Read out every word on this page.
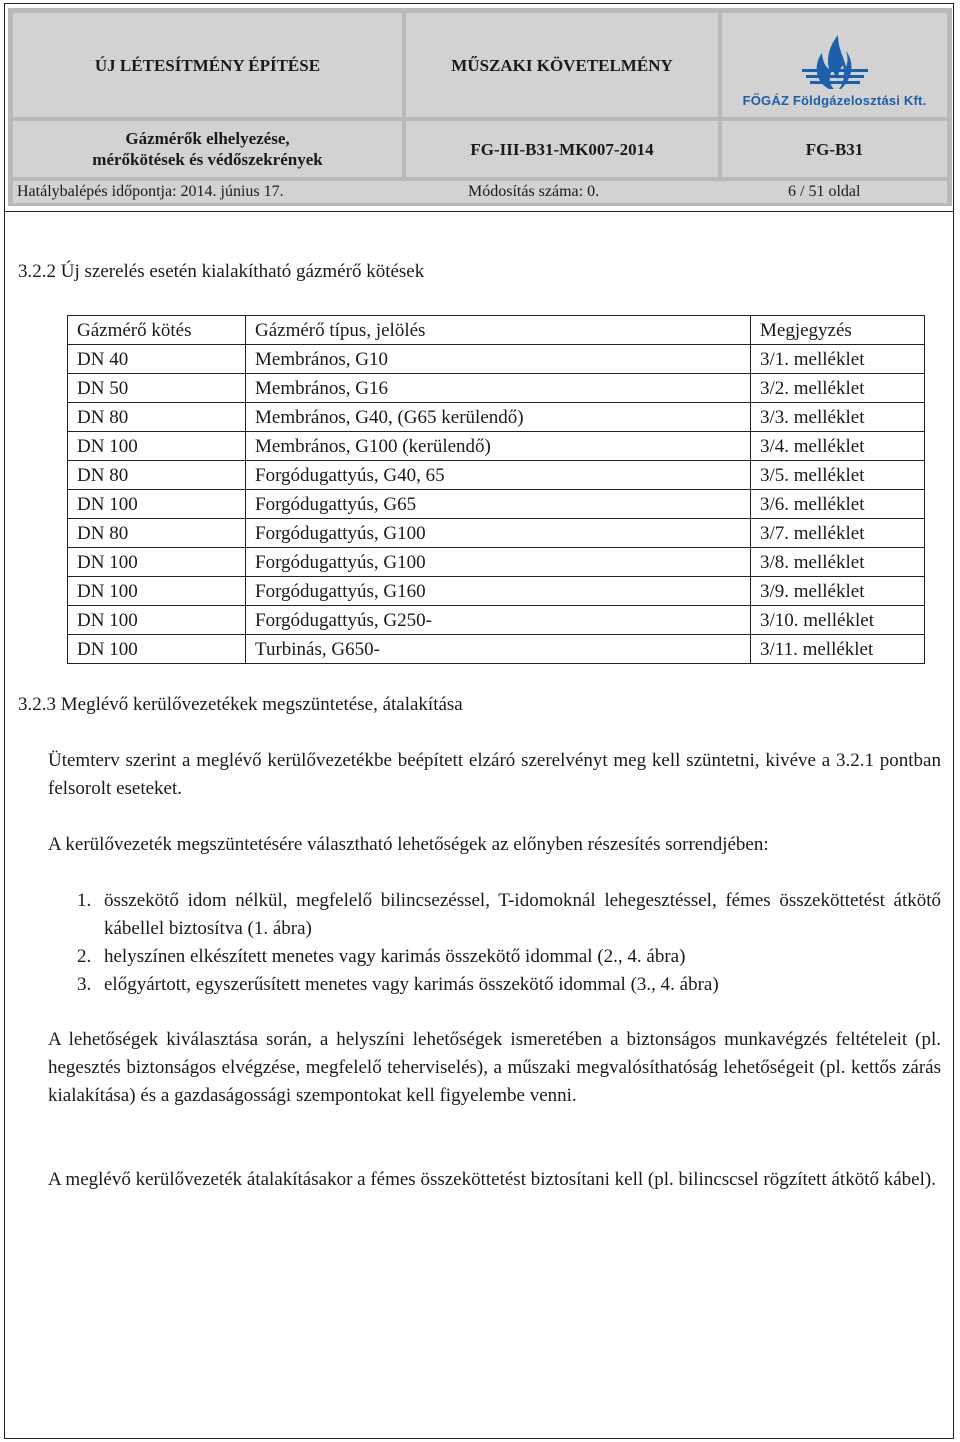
ÚJ LÉTESÍTMÉNY ÉPÍTÉSE	MŰSZAKI KÖVETELMÉNY
FŐGÁZ Földgázelosztási Kft.
Gázmérők elhelyezése,
mérőkötések és védőszekrények
FG-III-B31-MK007-2014	FG-B31
Hatálybalépés időpontja: 2014. június 17.	Módosítás száma: 0.	6 / 51 oldal
3.2.2 Új szerelés esetén kialakítható gázmérő kötések
Gázmérő kötés	Gázmérő típus, jelölés	Megjegyzés
DN 40	Membrános, G10	3/1. melléklet
DN 50	Membrános, G16	3/2. melléklet
DN 80	Membrános, G40, (G65 kerülendő)	3/3. melléklet
DN 100	Membrános, G100 (kerülendő)	3/4. melléklet
DN 80	Forgódugattyús, G40, 65	3/5. melléklet
DN 100	Forgódugattyús, G65	3/6. melléklet
DN 80	Forgódugattyús, G100	3/7. melléklet
DN 100	Forgódugattyús, G100	3/8. melléklet
DN 100	Forgódugattyús, G160	3/9. melléklet
DN 100	Forgódugattyús, G250-	3/10. melléklet
DN 100	Turbinás, G650-	3/11. melléklet
3.2.3 Meglévő kerülővezetékek megszüntetése, átalakítása
Ütemterv szerint a meglévő kerülővezetékbe beépített elzáró szerelvényt meg kell szüntetni, kivéve a 3.2.1 pontban felsorolt eseteket.
A kerülővezeték megszüntetésére választható lehetőségek az előnyben részesítés sorrendjében:
1. összekötő idom nélkül, megfelelő bilincsezéssel, T-idomoknál lehegesztéssel, fémes összeköttetést átkötő kábellel biztosítva (1. ábra)
2. helyszínen elkészített menetes vagy karimás összekötő idommal (2., 4. ábra)
3. előgyártott, egyszerűsített menetes vagy karimás összekötő idommal (3., 4. ábra)
A lehetőségek kiválasztása során, a helyszíni lehetőségek ismeretében a biztonságos munkavégzés feltételeit (pl. hegesztés biztonságos elvégzése, megfelelő teherviselés), a műszaki megvalósíthatóság lehetőségeit (pl. kettős zárás kialakítása) és a gazdaságossági szempontokat kell figyelembe venni.
A meglévő kerülővezeték átalakításakor a fémes összeköttetést biztosítani kell (pl. bilincscsel rögzített átkötő kábel).
